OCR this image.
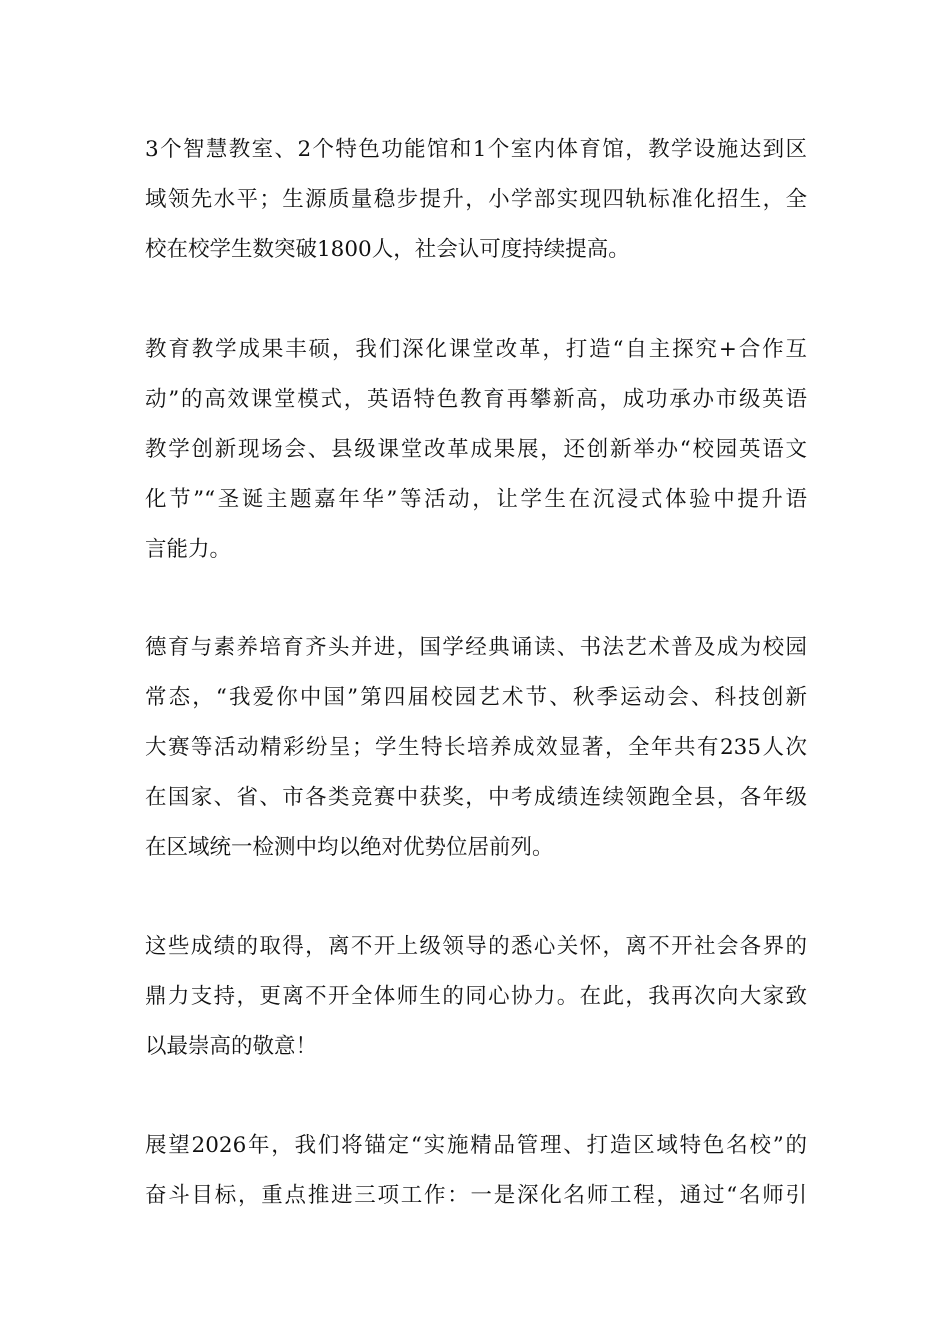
3个智慧教室、2个特色功能馆和1个室内体育馆，教学设施达到区
域领先水平；生源质量稳步提升，小学部实现四轨标准化招生，全
校在校学生数突破1800人，社会认可度持续提高。
教育教学成果丰硕，我们深化课堂改革，打造“自主探究+合作互
动”的高效课堂模式，英语特色教育再攀新高，成功承办市级英语
教学创新现场会、县级课堂改革成果展，还创新举办“校园英语文
化节”“圣诞主题嘉年华”等活动，让学生在沉浸式体验中提升语
言能力。
德育与素养培育齐头并进，国学经典诵读、书法艺术普及成为校园
常态，“我爱你中国”第四届校园艺术节、秋季运动会、科技创新
大赛等活动精彩纷呈；学生特长培养成效显著，全年共有235人次
在国家、省、市各类竞赛中获奖，中考成绩连续领跑全县，各年级
在区域统一检测中均以绝对优势位居前列。
这些成绩的取得，离不开上级领导的悉心关怀，离不开社会各界的
鼎力支持，更离不开全体师生的同心协力。在此，我再次向大家致
以最崇高的敬意！
展望2026年，我们将锚定“实施精品管理、打造区域特色名校”的
奋斗目标，重点推进三项工作：一是深化名师工程，通过“名师引
